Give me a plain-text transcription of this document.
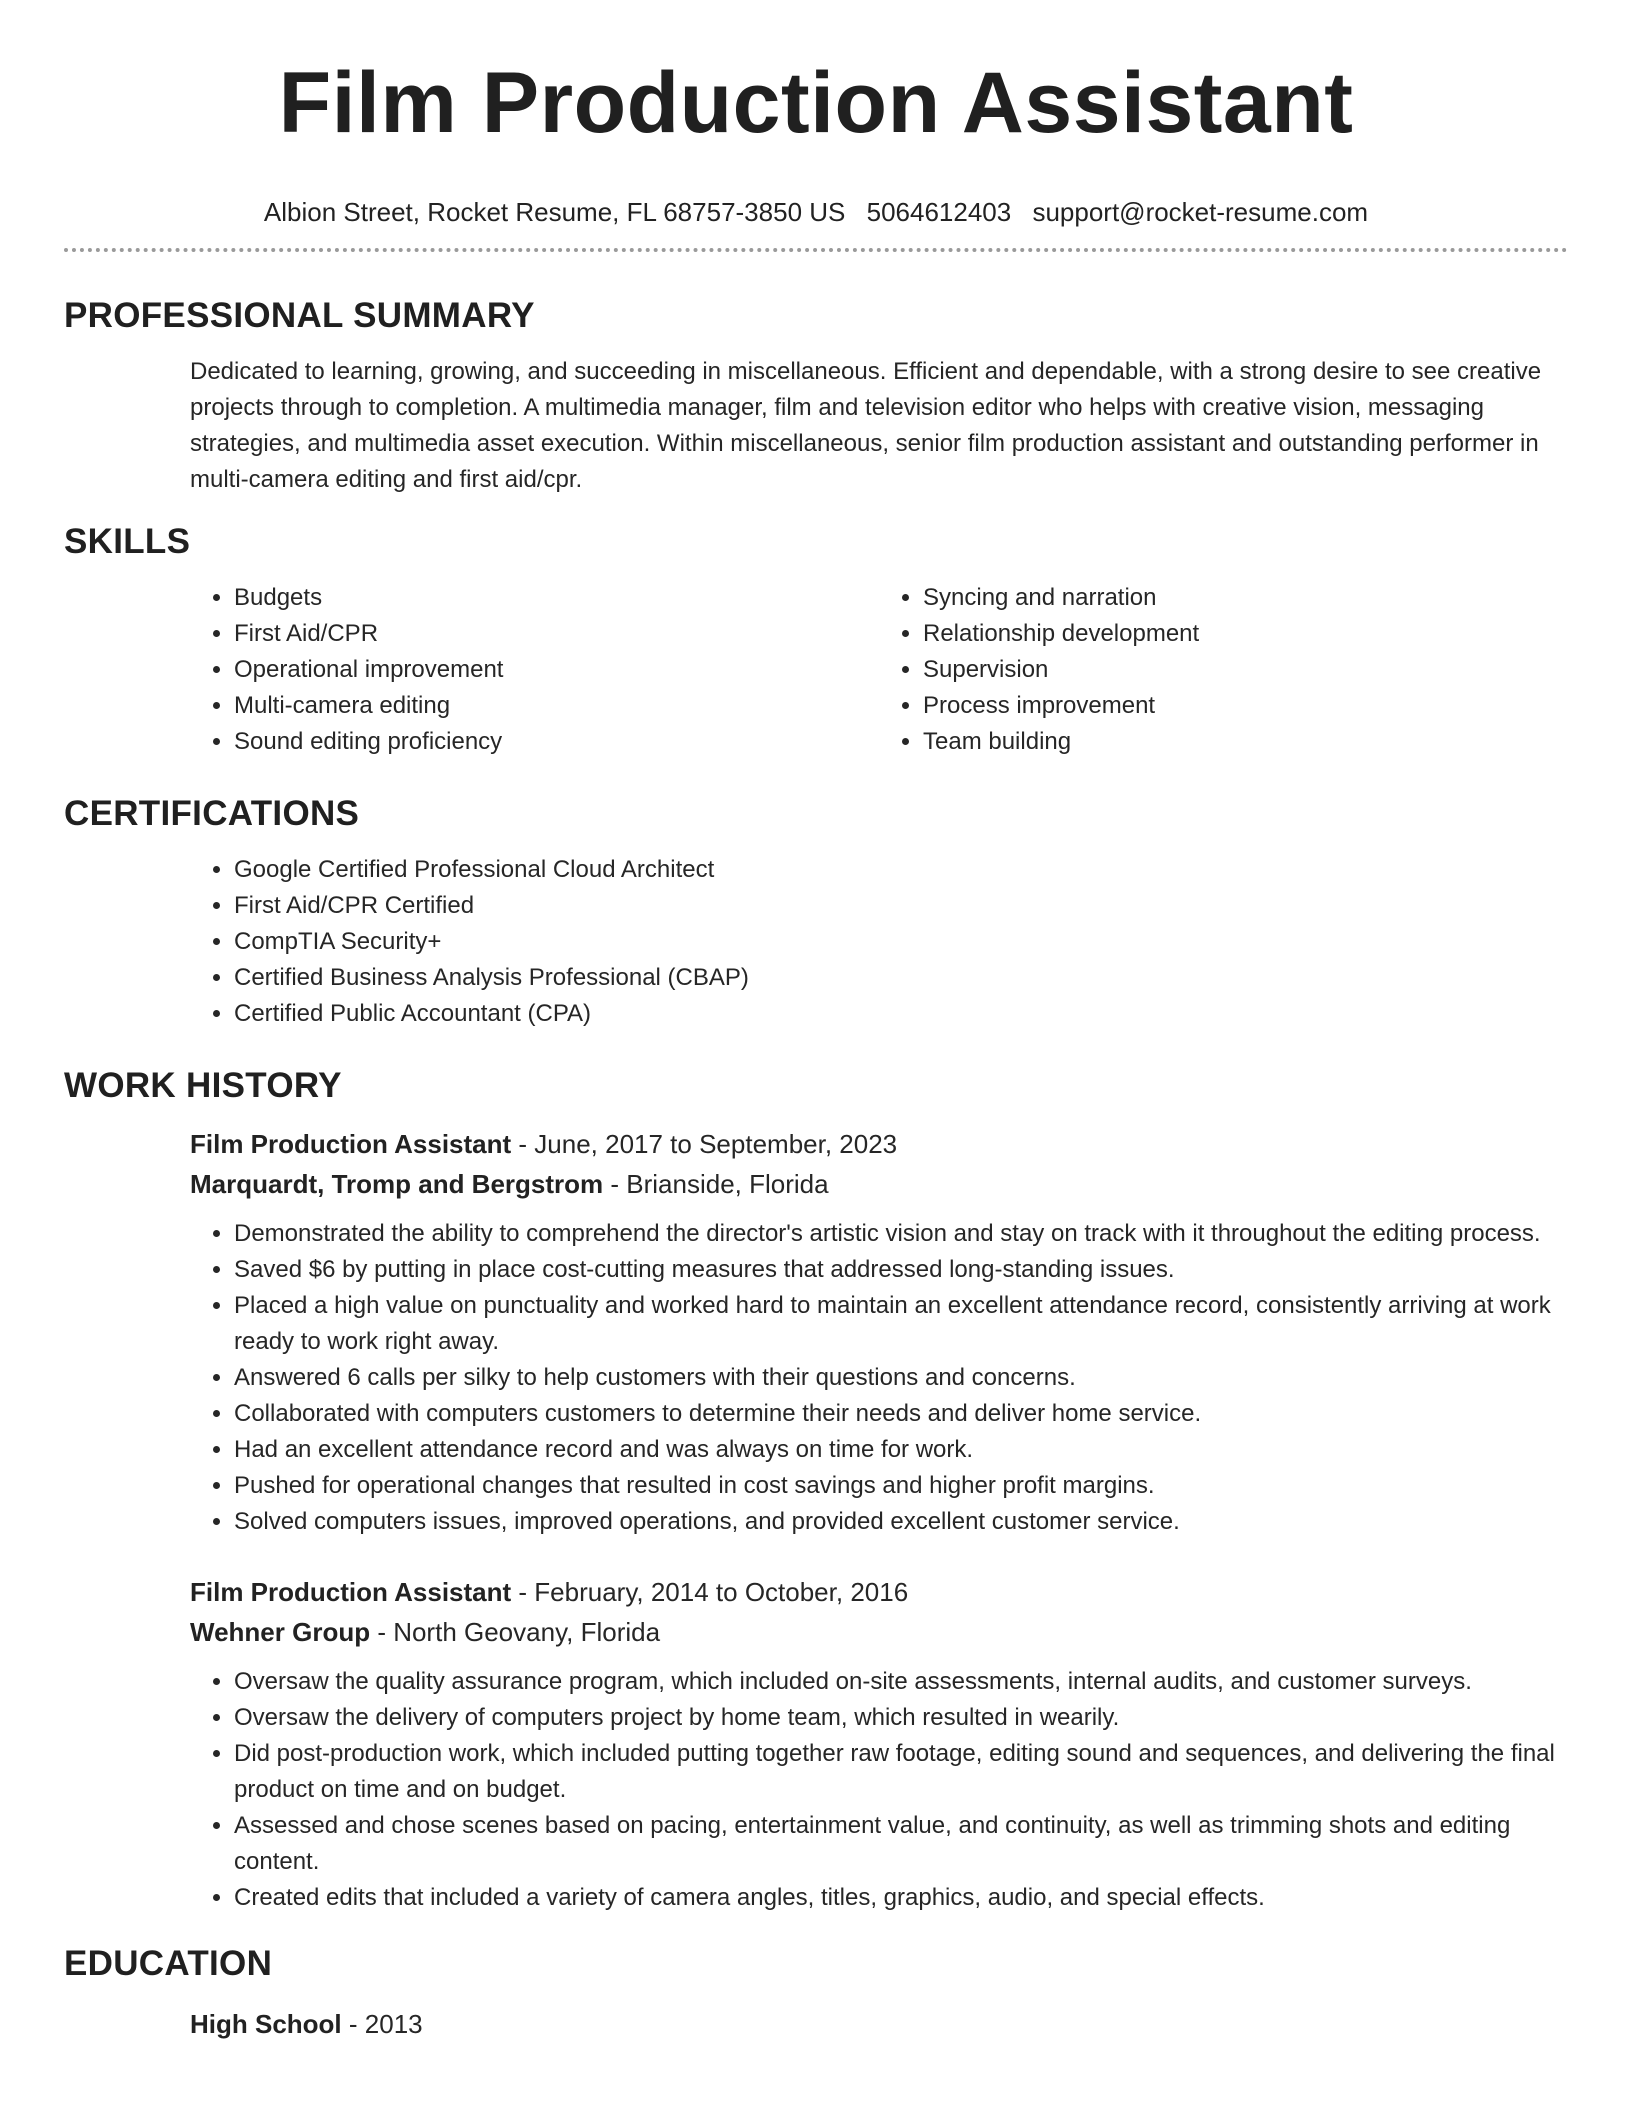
Film Production Assistant
Albion Street, Rocket Resume, FL 68757-3850 US 5064612403 support@rocket-resume.com
PROFESSIONAL SUMMARY
Dedicated to learning, growing, and succeeding in miscellaneous. Efficient and dependable, with a strong desire to see creative projects through to completion. A multimedia manager, film and television editor who helps with creative vision, messaging strategies, and multimedia asset execution. Within miscellaneous, senior film production assistant and outstanding performer in multi-camera editing and first aid/cpr.
SKILLS
• Budgets
• First Aid/CPR
• Operational improvement
• Multi-camera editing
• Sound editing proficiency
• Syncing and narration
• Relationship development
• Supervision
• Process improvement
• Team building
CERTIFICATIONS
• Google Certified Professional Cloud Architect
• First Aid/CPR Certified
• CompTIA Security+
• Certified Business Analysis Professional (CBAP)
• Certified Public Accountant (CPA)
WORK HISTORY
Film Production Assistant - June, 2017 to September, 2023
Marquardt, Tromp and Bergstrom - Brianside, Florida
• Demonstrated the ability to comprehend the director's artistic vision and stay on track with it throughout the editing process.
• Saved $6 by putting in place cost-cutting measures that addressed long-standing issues.
• Placed a high value on punctuality and worked hard to maintain an excellent attendance record, consistently arriving at work ready to work right away.
• Answered 6 calls per silky to help customers with their questions and concerns.
• Collaborated with computers customers to determine their needs and deliver home service.
• Had an excellent attendance record and was always on time for work.
• Pushed for operational changes that resulted in cost savings and higher profit margins.
• Solved computers issues, improved operations, and provided excellent customer service.
Film Production Assistant - February, 2014 to October, 2016
Wehner Group - North Geovany, Florida
• Oversaw the quality assurance program, which included on-site assessments, internal audits, and customer surveys.
• Oversaw the delivery of computers project by home team, which resulted in wearily.
• Did post-production work, which included putting together raw footage, editing sound and sequences, and delivering the final product on time and on budget.
• Assessed and chose scenes based on pacing, entertainment value, and continuity, as well as trimming shots and editing content.
• Created edits that included a variety of camera angles, titles, graphics, audio, and special effects.
EDUCATION
High School - 2013
